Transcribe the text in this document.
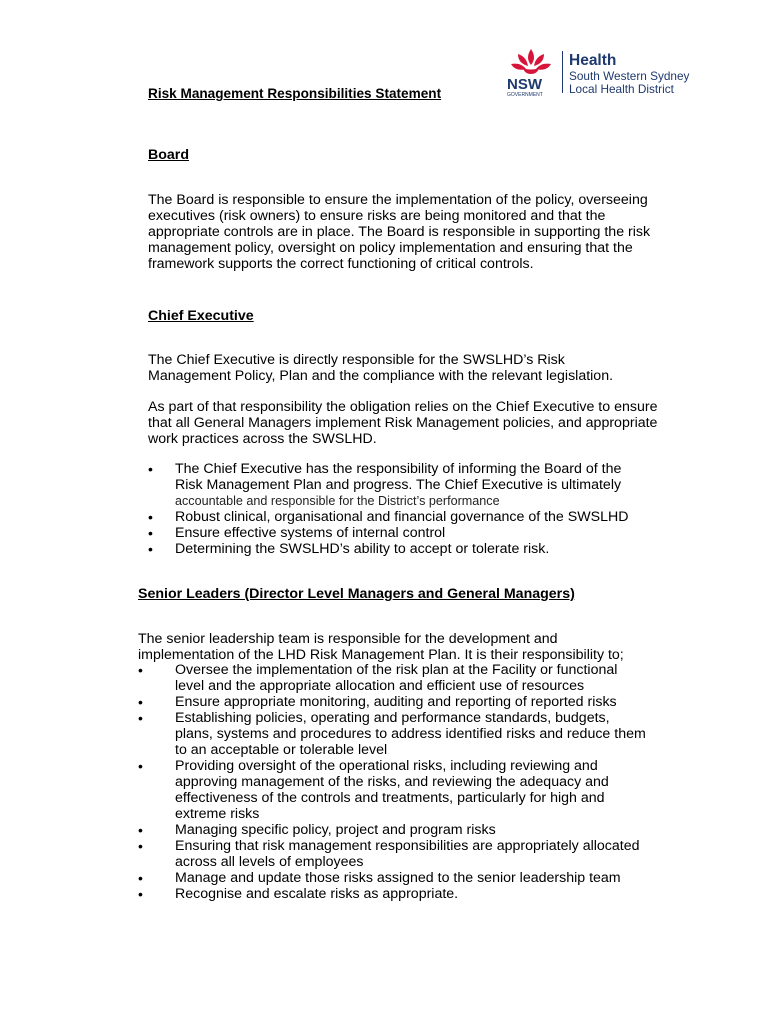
NSW
GOVERNMENT
Health
South Western Sydney
Local Health District
Risk Management Responsibilities Statement
Board
The Board is responsible to ensure the implementation of the policy, overseeing
executives (risk owners) to ensure risks are being monitored and that the
appropriate controls are in place. The Board is responsible in supporting the risk
management policy, oversight on policy implementation and ensuring that the
framework supports the correct functioning of critical controls.
Chief Executive
The Chief Executive is directly responsible for the SWSLHD’s Risk
Management Policy, Plan and the compliance with the relevant legislation.
As part of that responsibility the obligation relies on the Chief Executive to ensure
that all General Managers implement Risk Management policies, and appropriate
work practices across the SWSLHD.
• The Chief Executive has the responsibility of informing the Board of the
Risk Management Plan and progress. The Chief Executive is ultimately
accountable and responsible for the District’s performance
• Robust clinical, organisational and financial governance of the SWSLHD
• Ensure effective systems of internal control
• Determining the SWSLHD’s ability to accept or tolerate risk.
Senior Leaders (Director Level Managers and General Managers)
The senior leadership team is responsible for the development and
implementation of the LHD Risk Management Plan. It is their responsibility to;
• Oversee the implementation of the risk plan at the Facility or functional
level and the appropriate allocation and efficient use of resources
• Ensure appropriate monitoring, auditing and reporting of reported risks
• Establishing policies, operating and performance standards, budgets,
plans, systems and procedures to address identified risks and reduce them
to an acceptable or tolerable level
• Providing oversight of the operational risks, including reviewing and
approving management of the risks, and reviewing the adequacy and
effectiveness of the controls and treatments, particularly for high and
extreme risks
• Managing specific policy, project and program risks
• Ensuring that risk management responsibilities are appropriately allocated
across all levels of employees
• Manage and update those risks assigned to the senior leadership team
• Recognise and escalate risks as appropriate.
